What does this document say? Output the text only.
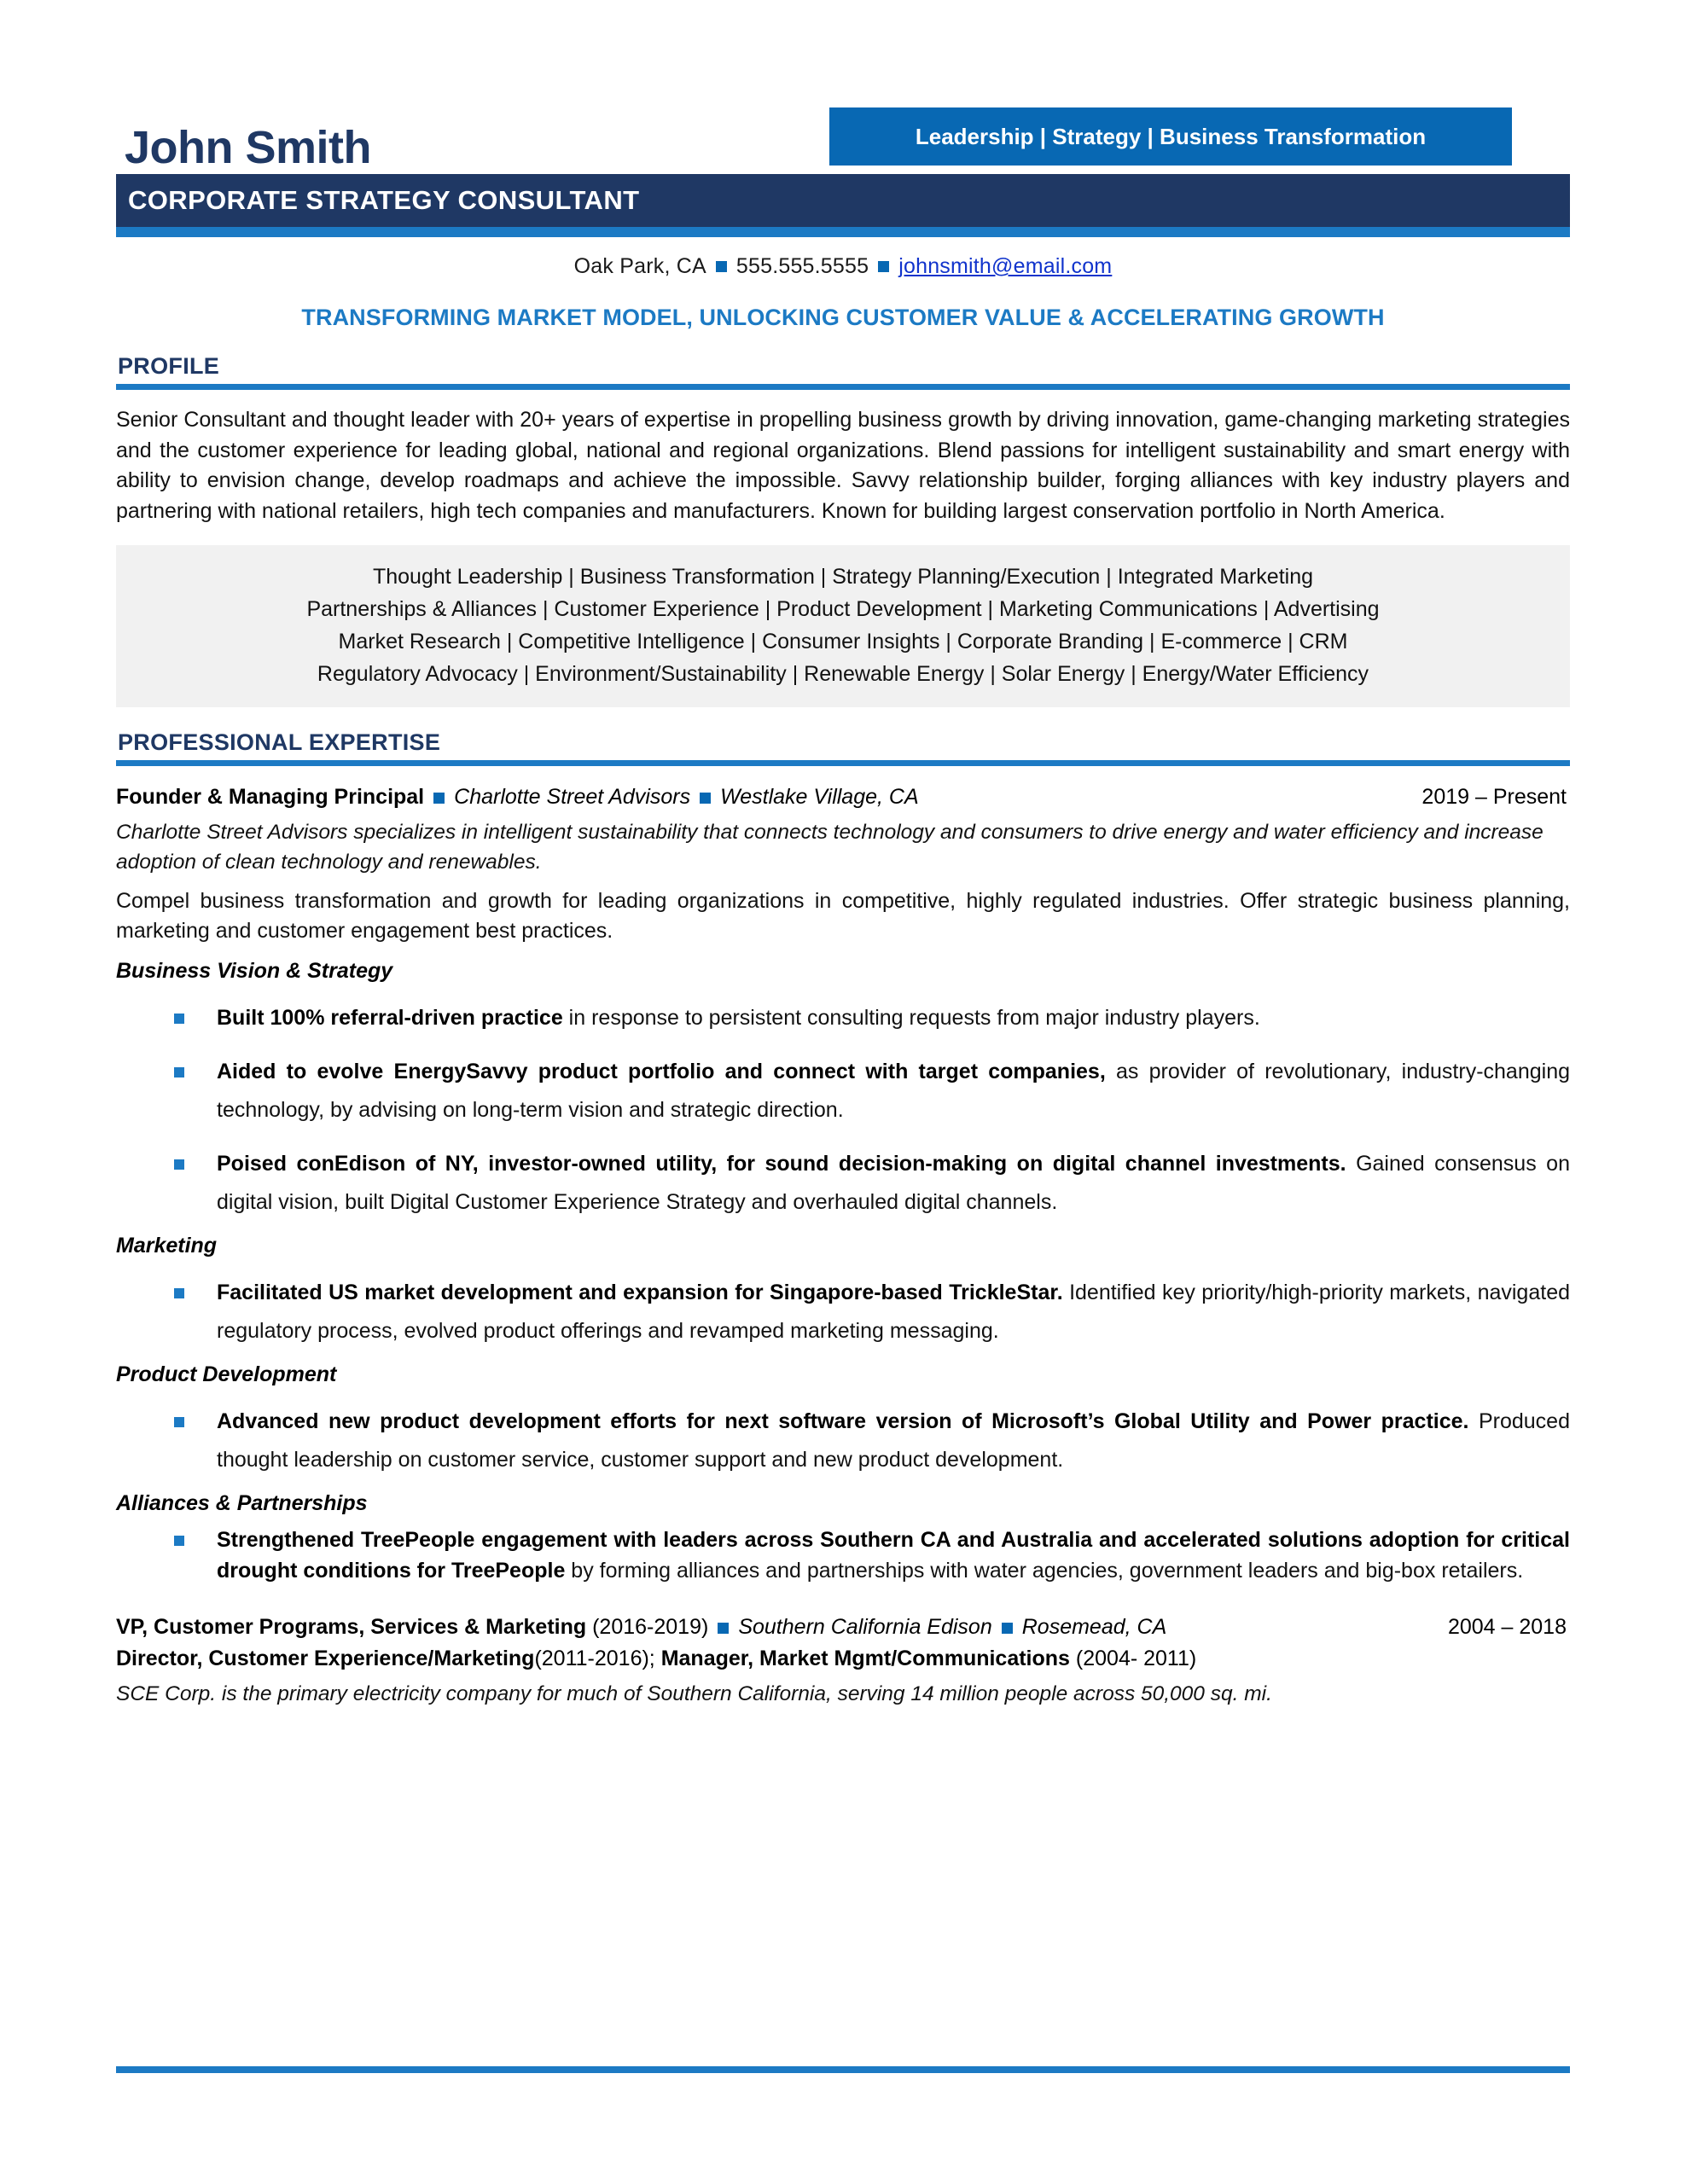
John Smith	Leadership | Strategy | Business Transformation
CORPORATE STRATEGY CONSULTANT
Oak Park, CA 555.555.5555 johnsmith@email.com
TRANSFORMING MARKET MODEL, UNLOCKING CUSTOMER VALUE & ACCELERATING GROWTH
PROFILE
Senior Consultant and thought leader with 20+ years of expertise in propelling business growth by driving innovation, game-changing marketing strategies and the customer experience for leading global, national and regional organizations. Blend passions for intelligent sustainability and smart energy with ability to envision change, develop roadmaps and achieve the impossible. Savvy relationship builder, forging alliances with key industry players and partnering with national retailers, high tech companies and manufacturers. Known for building largest conservation portfolio in North America.
Thought Leadership | Business Transformation | Strategy Planning/Execution | Integrated Marketing
Partnerships & Alliances | Customer Experience | Product Development | Marketing Communications | Advertising
Market Research | Competitive Intelligence | Consumer Insights | Corporate Branding | E-commerce | CRM
Regulatory Advocacy | Environment/Sustainability | Renewable Energy | Solar Energy | Energy/Water Efficiency
PROFESSIONAL EXPERTISE
Founder & Managing Principal Charlotte Street Advisors Westlake Village, CA	2019 – Present
Charlotte Street Advisors specializes in intelligent sustainability that connects technology and consumers to drive energy and water efficiency and increase adoption of clean technology and renewables.
Compel business transformation and growth for leading organizations in competitive, highly regulated industries. Offer strategic business planning, marketing and customer engagement best practices.
Business Vision & Strategy
Built 100% referral-driven practice in response to persistent consulting requests from major industry players.
Aided to evolve EnergySavvy product portfolio and connect with target companies, as provider of revolutionary, industry-changing technology, by advising on long-term vision and strategic direction.
Poised conEdison of NY, investor-owned utility, for sound decision-making on digital channel investments. Gained consensus on digital vision, built Digital Customer Experience Strategy and overhauled digital channels.
Marketing
Facilitated US market development and expansion for Singapore-based TrickleStar. Identified key priority/high-priority markets, navigated regulatory process, evolved product offerings and revamped marketing messaging.
Product Development
Advanced new product development efforts for next software version of Microsoft’s Global Utility and Power practice. Produced thought leadership on customer service, customer support and new product development.
Alliances & Partnerships
Strengthened TreePeople engagement with leaders across Southern CA and Australia and accelerated solutions adoption for critical drought conditions for TreePeople by forming alliances and partnerships with water agencies, government leaders and big-box retailers.
VP, Customer Programs, Services & Marketing
(2016-2019) Southern California Edison Rosemead, CA	2004 – 2018
Director, Customer Experience/Marketing(2011-2016); Manager, Market Mgmt/Communications (2004- 2011)
SCE Corp. is the primary electricity company for much of Southern California, serving 14 million people across 50,000 sq. mi.
